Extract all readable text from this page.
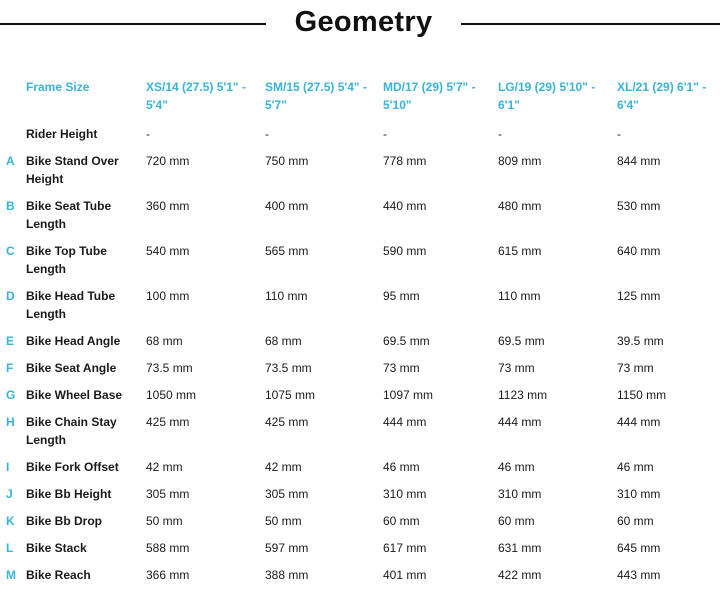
Geometry
	Frame Size	XS/14 (27.5) 5'1" - 5'4"	SM/15 (27.5) 5'4" - 5'7"	MD/17 (29) 5'7" - 5'10"	LG/19 (29) 5'10" - 6'1"	XL/21 (29) 6'1" - 6'4"
	Rider Height	-	-	-	-	-
A	Bike Stand Over Height	720 mm	750 mm	778 mm	809 mm	844 mm
B	Bike Seat Tube Length	360 mm	400 mm	440 mm	480 mm	530 mm
C	Bike Top Tube Length	540 mm	565 mm	590 mm	615 mm	640 mm
D	Bike Head Tube Length	100 mm	110 mm	95 mm	110 mm	125 mm
E	Bike Head Angle	68 mm	68 mm	69.5 mm	69.5 mm	39.5 mm
F	Bike Seat Angle	73.5 mm	73.5 mm	73 mm	73 mm	73 mm
G	Bike Wheel Base	1050 mm	1075 mm	1097 mm	1123 mm	1150 mm
H	Bike Chain Stay Length	425 mm	425 mm	444 mm	444 mm	444 mm
I	Bike Fork Offset	42 mm	42 mm	46 mm	46 mm	46 mm
J	Bike Bb Height	305 mm	305 mm	310 mm	310 mm	310 mm
K	Bike Bb Drop	50 mm	50 mm	60 mm	60 mm	60 mm
L	Bike Stack	588 mm	597 mm	617 mm	631 mm	645 mm
M	Bike Reach	366 mm	388 mm	401 mm	422 mm	443 mm
